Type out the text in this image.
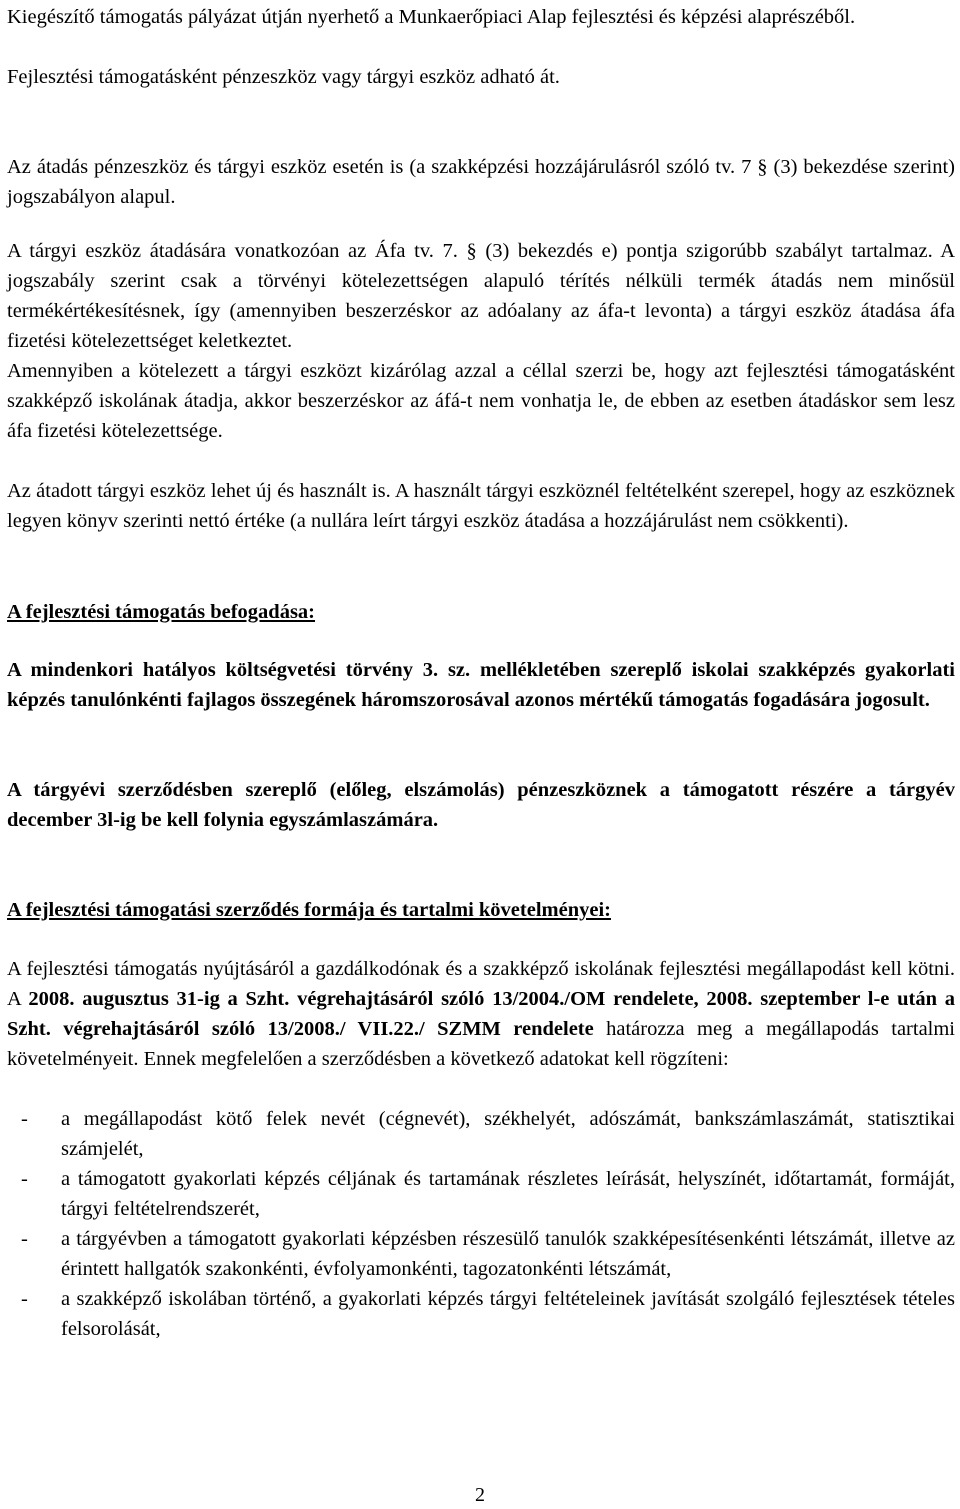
Kiegészítő támogatás pályázat útján nyerhető a Munkaerőpiaci Alap fejlesztési és képzési alaprészéből.
Fejlesztési támogatásként pénzeszköz vagy tárgyi eszköz adható át.
Az átadás pénzeszköz és tárgyi eszköz esetén is (a szakképzési hozzájárulásról szóló tv. 7 § (3) bekezdése szerint) jogszabályon alapul.
A tárgyi eszköz átadására vonatkozóan az Áfa tv. 7. § (3) bekezdés e) pontja szigorúbb szabályt tartalmaz. A jogszabály szerint csak a törvényi kötelezettségen alapuló térítés nélküli termék átadás nem minősül termékértékesítésnek, így (amennyiben beszerzéskor az adóalany az áfa-t levonta) a tárgyi eszköz átadása áfa fizetési kötelezettséget keletkeztet.
Amennyiben a kötelezett a tárgyi eszközt kizárólag azzal a céllal szerzi be, hogy azt fejlesztési támogatásként szakképző iskolának átadja, akkor beszerzéskor az áfá-t nem vonhatja le, de ebben az esetben átadáskor sem lesz áfa fizetési kötelezettsége.
Az átadott tárgyi eszköz lehet új és használt is. A használt tárgyi eszköznél feltételként szerepel, hogy az eszköznek legyen könyv szerinti nettó értéke (a nullára leírt tárgyi eszköz átadása a hozzájárulást nem csökkenti).
A fejlesztési támogatás befogadása:
A mindenkori hatályos költségvetési törvény 3. sz. mellékletében szereplő iskolai szakképzés gyakorlati képzés tanulónkénti fajlagos összegének háromszorosával azonos mértékű támogatás fogadására jogosult.
A tárgyévi szerződésben szereplő (előleg, elszámolás) pénzeszköznek a támogatott részére a tárgyév december 3l-ig be kell folynia egyszámlaszámára.
A fejlesztési támogatási szerződés formája és tartalmi követelményei:
A fejlesztési támogatás nyújtásáról a gazdálkodónak és a szakképző iskolának fejlesztési megállapodást kell kötni. A 2008. augusztus 31-ig a Szht. végrehajtásáról szóló 13/2004./OM rendelete, 2008. szeptember l-e után a Szht. végrehajtásáról szóló 13/2008./ VII.22./ SZMM rendelete határozza meg a megállapodás tartalmi követelményeit. Ennek megfelelően a szerződésben a következő adatokat kell rögzíteni:
- a megállapodást kötő felek nevét (cégnevét), székhelyét, adószámát, bankszámlaszámát, statisztikai számjelét,
- a támogatott gyakorlati képzés céljának és tartamának részletes leírását, helyszínét, időtartamát, formáját, tárgyi feltételrendszerét,
- a tárgyévben a támogatott gyakorlati képzésben részesülő tanulók szakképesítésenkénti létszámát, illetve az érintett hallgatók szakonkénti, évfolyamonkénti, tagozatonkénti létszámát,
- a szakképző iskolában történő, a gyakorlati képzés tárgyi feltételeinek javítását szolgáló fejlesztések tételes felsorolását,
2
